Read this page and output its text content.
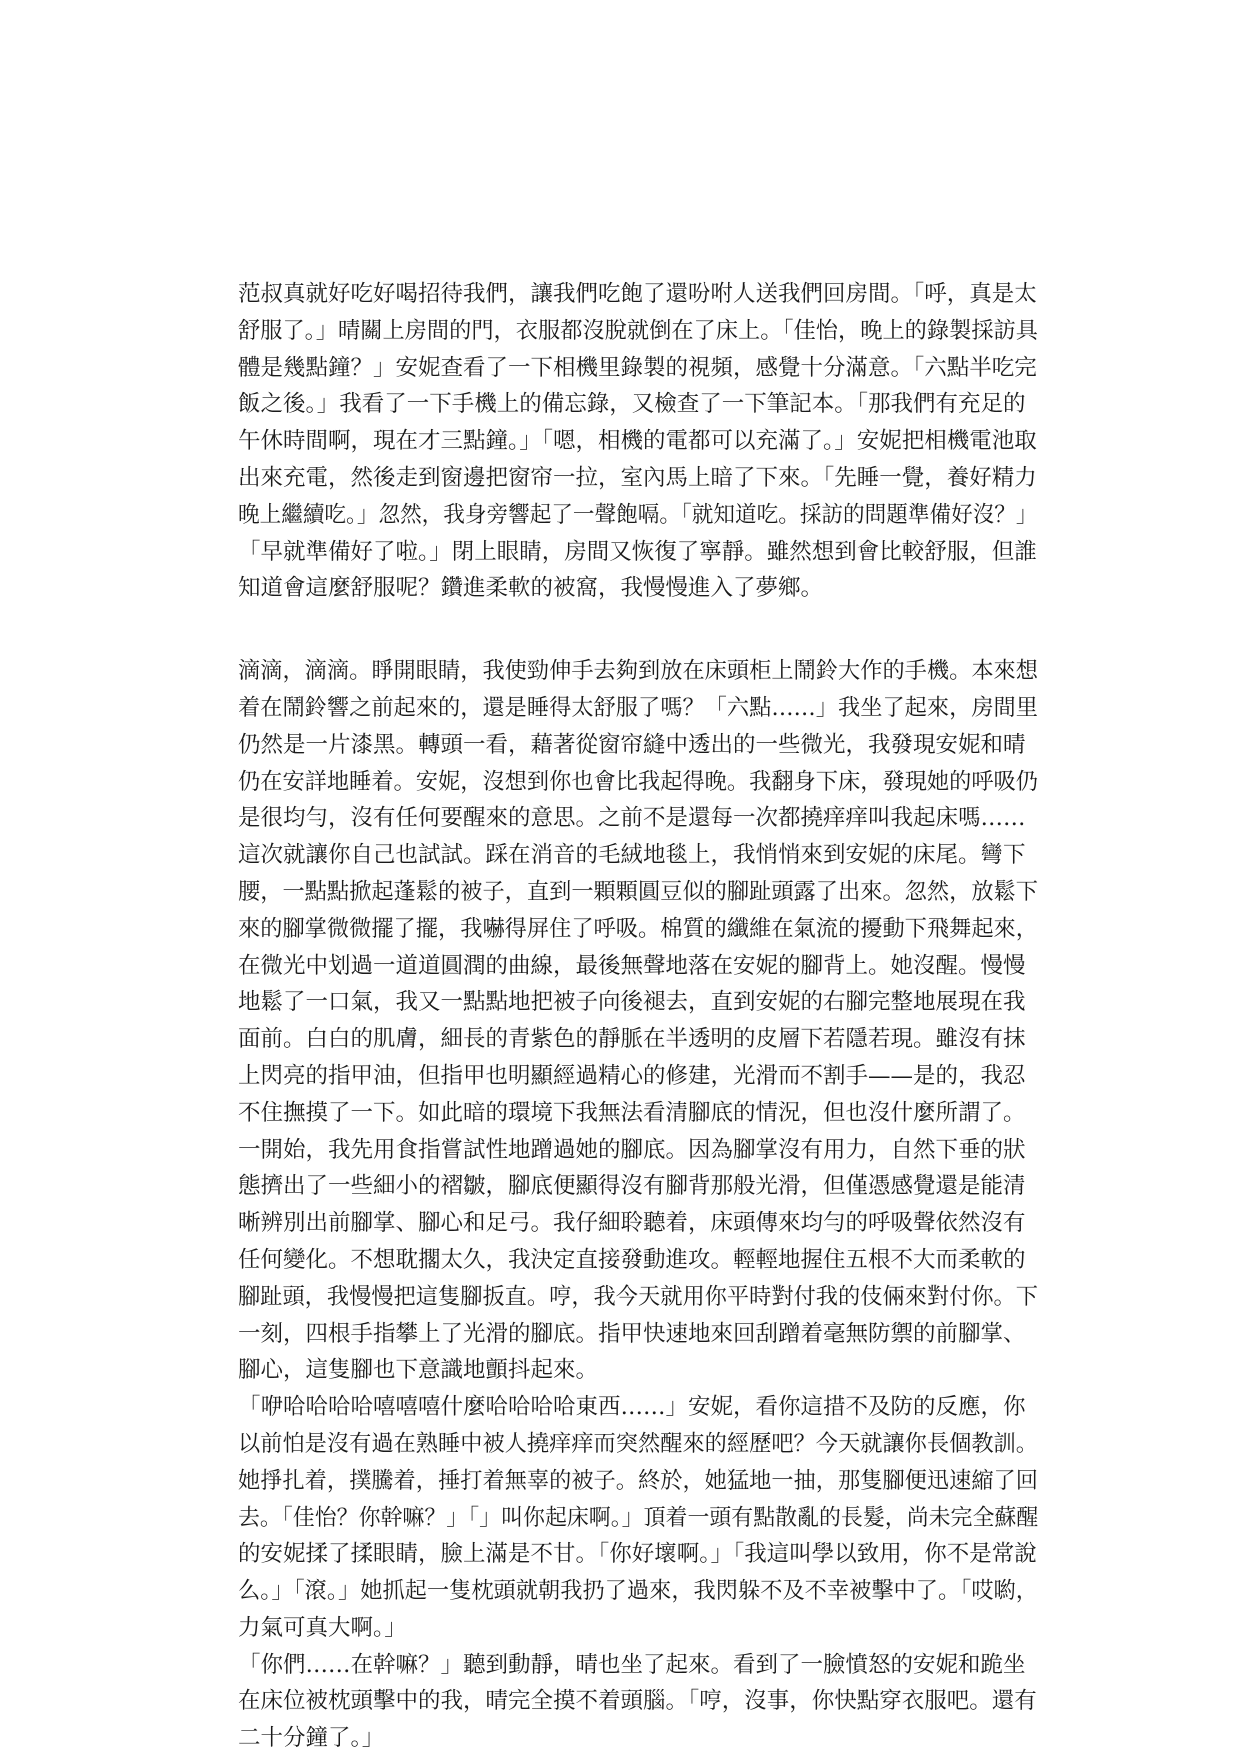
范叔真就好吃好喝招待我們，讓我們吃飽了還吩咐人送我們回房間。「呼，真是太
舒服了。」晴關上房間的門，衣服都沒脫就倒在了床上。「佳怡，晚上的錄製採訪具
體是幾點鐘？」安妮查看了一下相機里錄製的視頻，感覺十分滿意。「六點半吃完
飯之後。」我看了一下手機上的備忘錄，又檢查了一下筆記本。「那我們有充足的
午休時間啊，現在才三點鐘。」「嗯，相機的電都可以充滿了。」安妮把相機電池取
出來充電，然後走到窗邊把窗帘一拉，室內馬上暗了下來。「先睡一覺，養好精力
晚上繼續吃。」忽然，我身旁響起了一聲飽嗝。「就知道吃。採訪的問題準備好沒？」
「早就準備好了啦。」閉上眼睛，房間又恢復了寧靜。雖然想到會比較舒服，但誰
知道會這麼舒服呢？鑽進柔軟的被窩，我慢慢進入了夢鄉。
滴滴，滴滴。睜開眼睛，我使勁伸手去夠到放在床頭柜上鬧鈴大作的手機。本來想
着在鬧鈴響之前起來的，還是睡得太舒服了嗎？「六點……」我坐了起來，房間里
仍然是一片漆黑。轉頭一看，藉著從窗帘縫中透出的一些微光，我發現安妮和晴
仍在安詳地睡着。安妮，沒想到你也會比我起得晚。我翻身下床，發現她的呼吸仍
是很均勻，沒有任何要醒來的意思。之前不是還每一次都撓痒痒叫我起床嗎……
這次就讓你自己也試試。踩在消音的毛絨地毯上，我悄悄來到安妮的床尾。彎下
腰，一點點掀起蓬鬆的被子，直到一顆顆圓豆似的腳趾頭露了出來。忽然，放鬆下
來的腳掌微微擺了擺，我嚇得屏住了呼吸。棉質的纖維在氣流的擾動下飛舞起來，
在微光中划過一道道圓潤的曲線，最後無聲地落在安妮的腳背上。她沒醒。慢慢
地鬆了一口氣，我又一點點地把被子向後褪去，直到安妮的右腳完整地展現在我
面前。白白的肌膚，細長的青紫色的靜脈在半透明的皮層下若隱若現。雖沒有抹
上閃亮的指甲油，但指甲也明顯經過精心的修建，光滑而不割手——是的，我忍
不住撫摸了一下。如此暗的環境下我無法看清腳底的情況，但也沒什麼所謂了。
一開始，我先用食指嘗試性地蹭過她的腳底。因為腳掌沒有用力，自然下垂的狀
態擠出了一些細小的褶皺，腳底便顯得沒有腳背那般光滑，但僅憑感覺還是能清
晰辨別出前腳掌、腳心和足弓。我仔細聆聽着，床頭傳來均勻的呼吸聲依然沒有
任何變化。不想耽擱太久，我決定直接發動進攻。輕輕地握住五根不大而柔軟的
腳趾頭，我慢慢把這隻腳扳直。哼，我今天就用你平時對付我的伎倆來對付你。下
一刻，四根手指攀上了光滑的腳底。指甲快速地來回刮蹭着毫無防禦的前腳掌、
腳心，這隻腳也下意識地顫抖起來。
「咿哈哈哈哈嘻嘻嘻什麼哈哈哈哈東西……」安妮，看你這措不及防的反應，你
以前怕是沒有過在熟睡中被人撓痒痒而突然醒來的經歷吧？今天就讓你長個教訓。
她掙扎着，撲騰着，捶打着無辜的被子。終於，她猛地一抽，那隻腳便迅速縮了回
去。「佳怡？你幹嘛？」「」叫你起床啊。」頂着一頭有點散亂的長髮，尚未完全蘇醒
的安妮揉了揉眼睛，臉上滿是不甘。「你好壞啊。」「我這叫學以致用，你不是常說
么。」「滾。」她抓起一隻枕頭就朝我扔了過來，我閃躲不及不幸被擊中了。「哎喲，
力氣可真大啊。」
「你們……在幹嘛？」聽到動靜，晴也坐了起來。看到了一臉憤怒的安妮和跪坐
在床位被枕頭擊中的我，晴完全摸不着頭腦。「哼，沒事，你快點穿衣服吧。還有
二十分鐘了。」
